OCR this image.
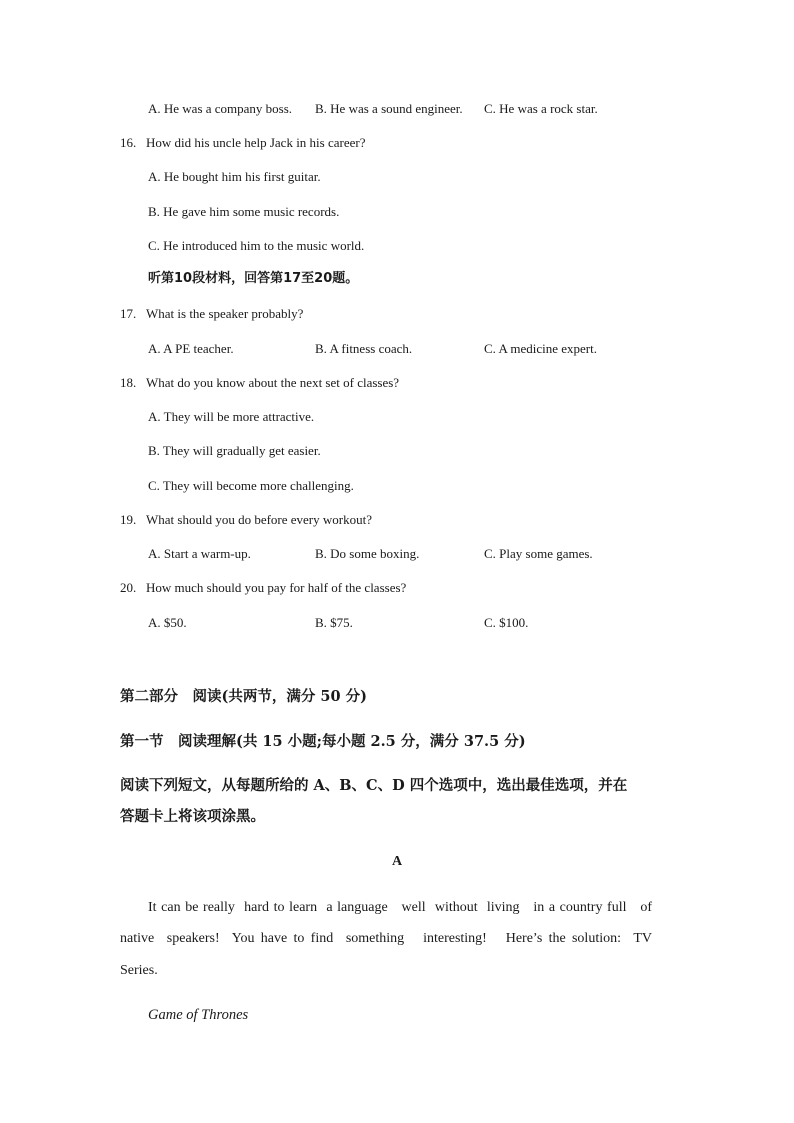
A. He was a company boss. B. He was a sound engineer. C. He was a rock star.
16. How did his uncle help Jack in his career?
A. He bought him his first guitar.
B. He gave him some music records.
C. He introduced him to the music world.
听第10段材料，回答第17至20题。
17. What is the speaker probably?
A. A PE teacher.	B. A fitness coach.	C. A medicine expert.
18. What do you know about the next set of classes?
A. They will be more attractive.
B. They will gradually get easier.
C. They will become more challenging.
19. What should you do before every workout?
A. Start a warm-up.	B. Do some boxing.	C. Play some games.
20. How much should you pay for half of the classes?
A. $50.	B. $75.	C. $100.
第二部分　阅读(共两节，满分 50 分)
第一节　阅读理解(共 15 小题;每小题 2.5 分，满分 37.5 分)
阅读下列短文，从每题所给的 A、B、C、D 四个选项中，选出最佳选项，并在
答题卡上将该项涂黑。
A
It can be really  hard to learn  a language   well  without  living   in a country full   of
native  speakers!  You have to find  something   interesting!   Here’s the solution:  TV
Series.
Game of Thrones
